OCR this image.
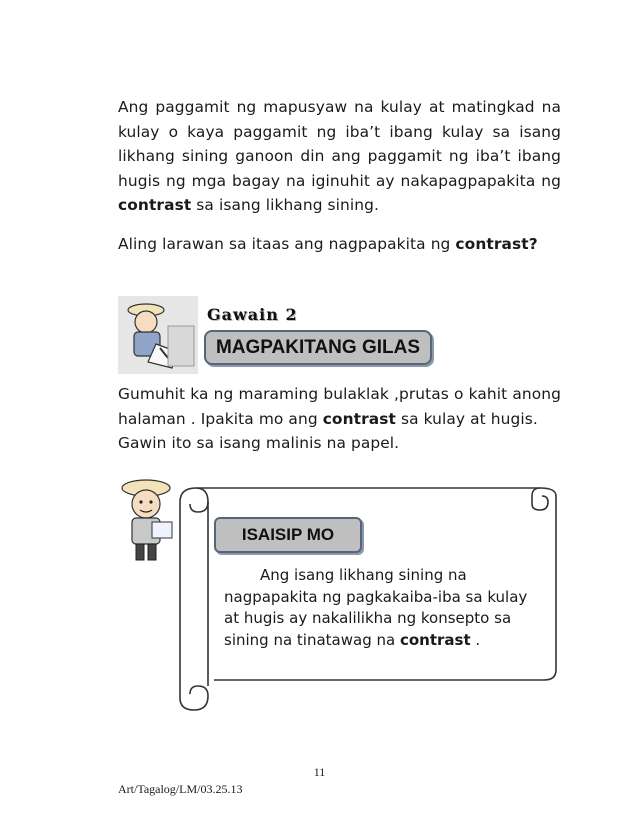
Ang paggamit ng mapusyaw na kulay at matingkad na kulay o kaya paggamit ng iba’t ibang kulay sa isang likhang sining ganoon din ang paggamit ng iba’t ibang hugis ng mga bagay na iginuhit ay nakapagpapakita ng contrast sa isang likhang sining.
Aling larawan sa itaas ang nagpapakita ng contrast?
Gawain 2
MAGPAKITANG GILAS
Gumuhit ka ng maraming bulaklak ,prutas o kahit anong halaman . Ipakita mo ang contrast sa kulay at hugis.
Gawin ito sa isang malinis na papel.
ISAISIP MO
Ang isang likhang sining na
nagpapakita ng pagkakaiba-iba sa kulay at hugis ay nakalilikha ng konsepto sa sining na tinatawag na contrast .
11
Art/Tagalog/LM/03.25.13
